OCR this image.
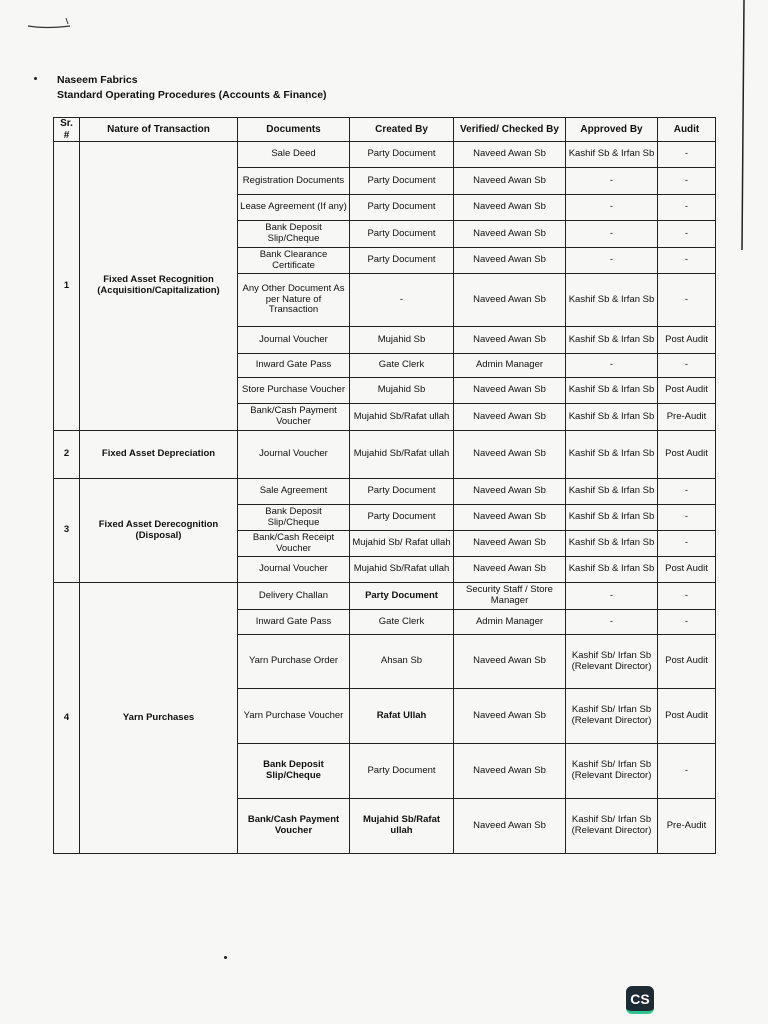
Naseem Fabrics
Standard Operating Procedures (Accounts & Finance)
Sr. #	Nature of Transaction	Documents	Created By	Verified/ Checked By	Approved By	Audit
1	Fixed Asset Recognition (Acquisition/Capitalization)	Sale Deed	Party Document	Naveed Awan Sb	Kashif Sb & Irfan Sb	-
		Registration Documents	Party Document	Naveed Awan Sb	-	-
		Lease Agreement (If any)	Party Document	Naveed Awan Sb	-	-
		Bank Deposit Slip/Cheque	Party Document	Naveed Awan Sb	-	-
		Bank Clearance Certificate	Party Document	Naveed Awan Sb	-	-
		Any Other Document As per Nature of Transaction	-	Naveed Awan Sb	Kashif Sb & Irfan Sb	-
		Journal Voucher	Mujahid Sb	Naveed Awan Sb	Kashif Sb & Irfan Sb	Post Audit
		Inward Gate Pass	Gate Clerk	Admin Manager	-	-
		Store Purchase Voucher	Mujahid Sb	Naveed Awan Sb	Kashif Sb & Irfan Sb	Post Audit
		Bank/Cash Payment Voucher	Mujahid Sb/Rafat ullah	Naveed Awan Sb	Kashif Sb & Irfan Sb	Pre-Audit
2	Fixed Asset Depreciation	Journal Voucher	Mujahid Sb/Rafat ullah	Naveed Awan Sb	Kashif Sb & Irfan Sb	Post Audit
3	Fixed Asset Derecognition (Disposal)	Sale Agreement	Party Document	Naveed Awan Sb	Kashif Sb & Irfan Sb	-
		Bank Deposit Slip/Cheque	Party Document	Naveed Awan Sb	Kashif Sb & Irfan Sb	-
		Bank/Cash Receipt Voucher	Mujahid Sb/ Rafat ullah	Naveed Awan Sb	Kashif Sb & Irfan Sb	-
		Journal Voucher	Mujahid Sb/Rafat ullah	Naveed Awan Sb	Kashif Sb & Irfan Sb	Post Audit
4	Yarn Purchases	Delivery Challan	Party Document	Security Staff / Store Manager	-	-
		Inward Gate Pass	Gate Clerk	Admin Manager	-	-
		Yarn Purchase Order	Ahsan Sb	Naveed Awan Sb	Kashif Sb/ Irfan Sb (Relevant Director)	Post Audit
		Yarn Purchase Voucher	Rafat Ullah	Naveed Awan Sb	Kashif Sb/ Irfan Sb (Relevant Director)	Post Audit
		Bank Deposit Slip/Cheque	Party Document	Naveed Awan Sb	Kashif Sb/ Irfan Sb (Relevant Director)	-
		Bank/Cash Payment Voucher	Mujahid Sb/Rafat ullah	Naveed Awan Sb	Kashif Sb/ Irfan Sb (Relevant Director)	Pre-Audit
CS
